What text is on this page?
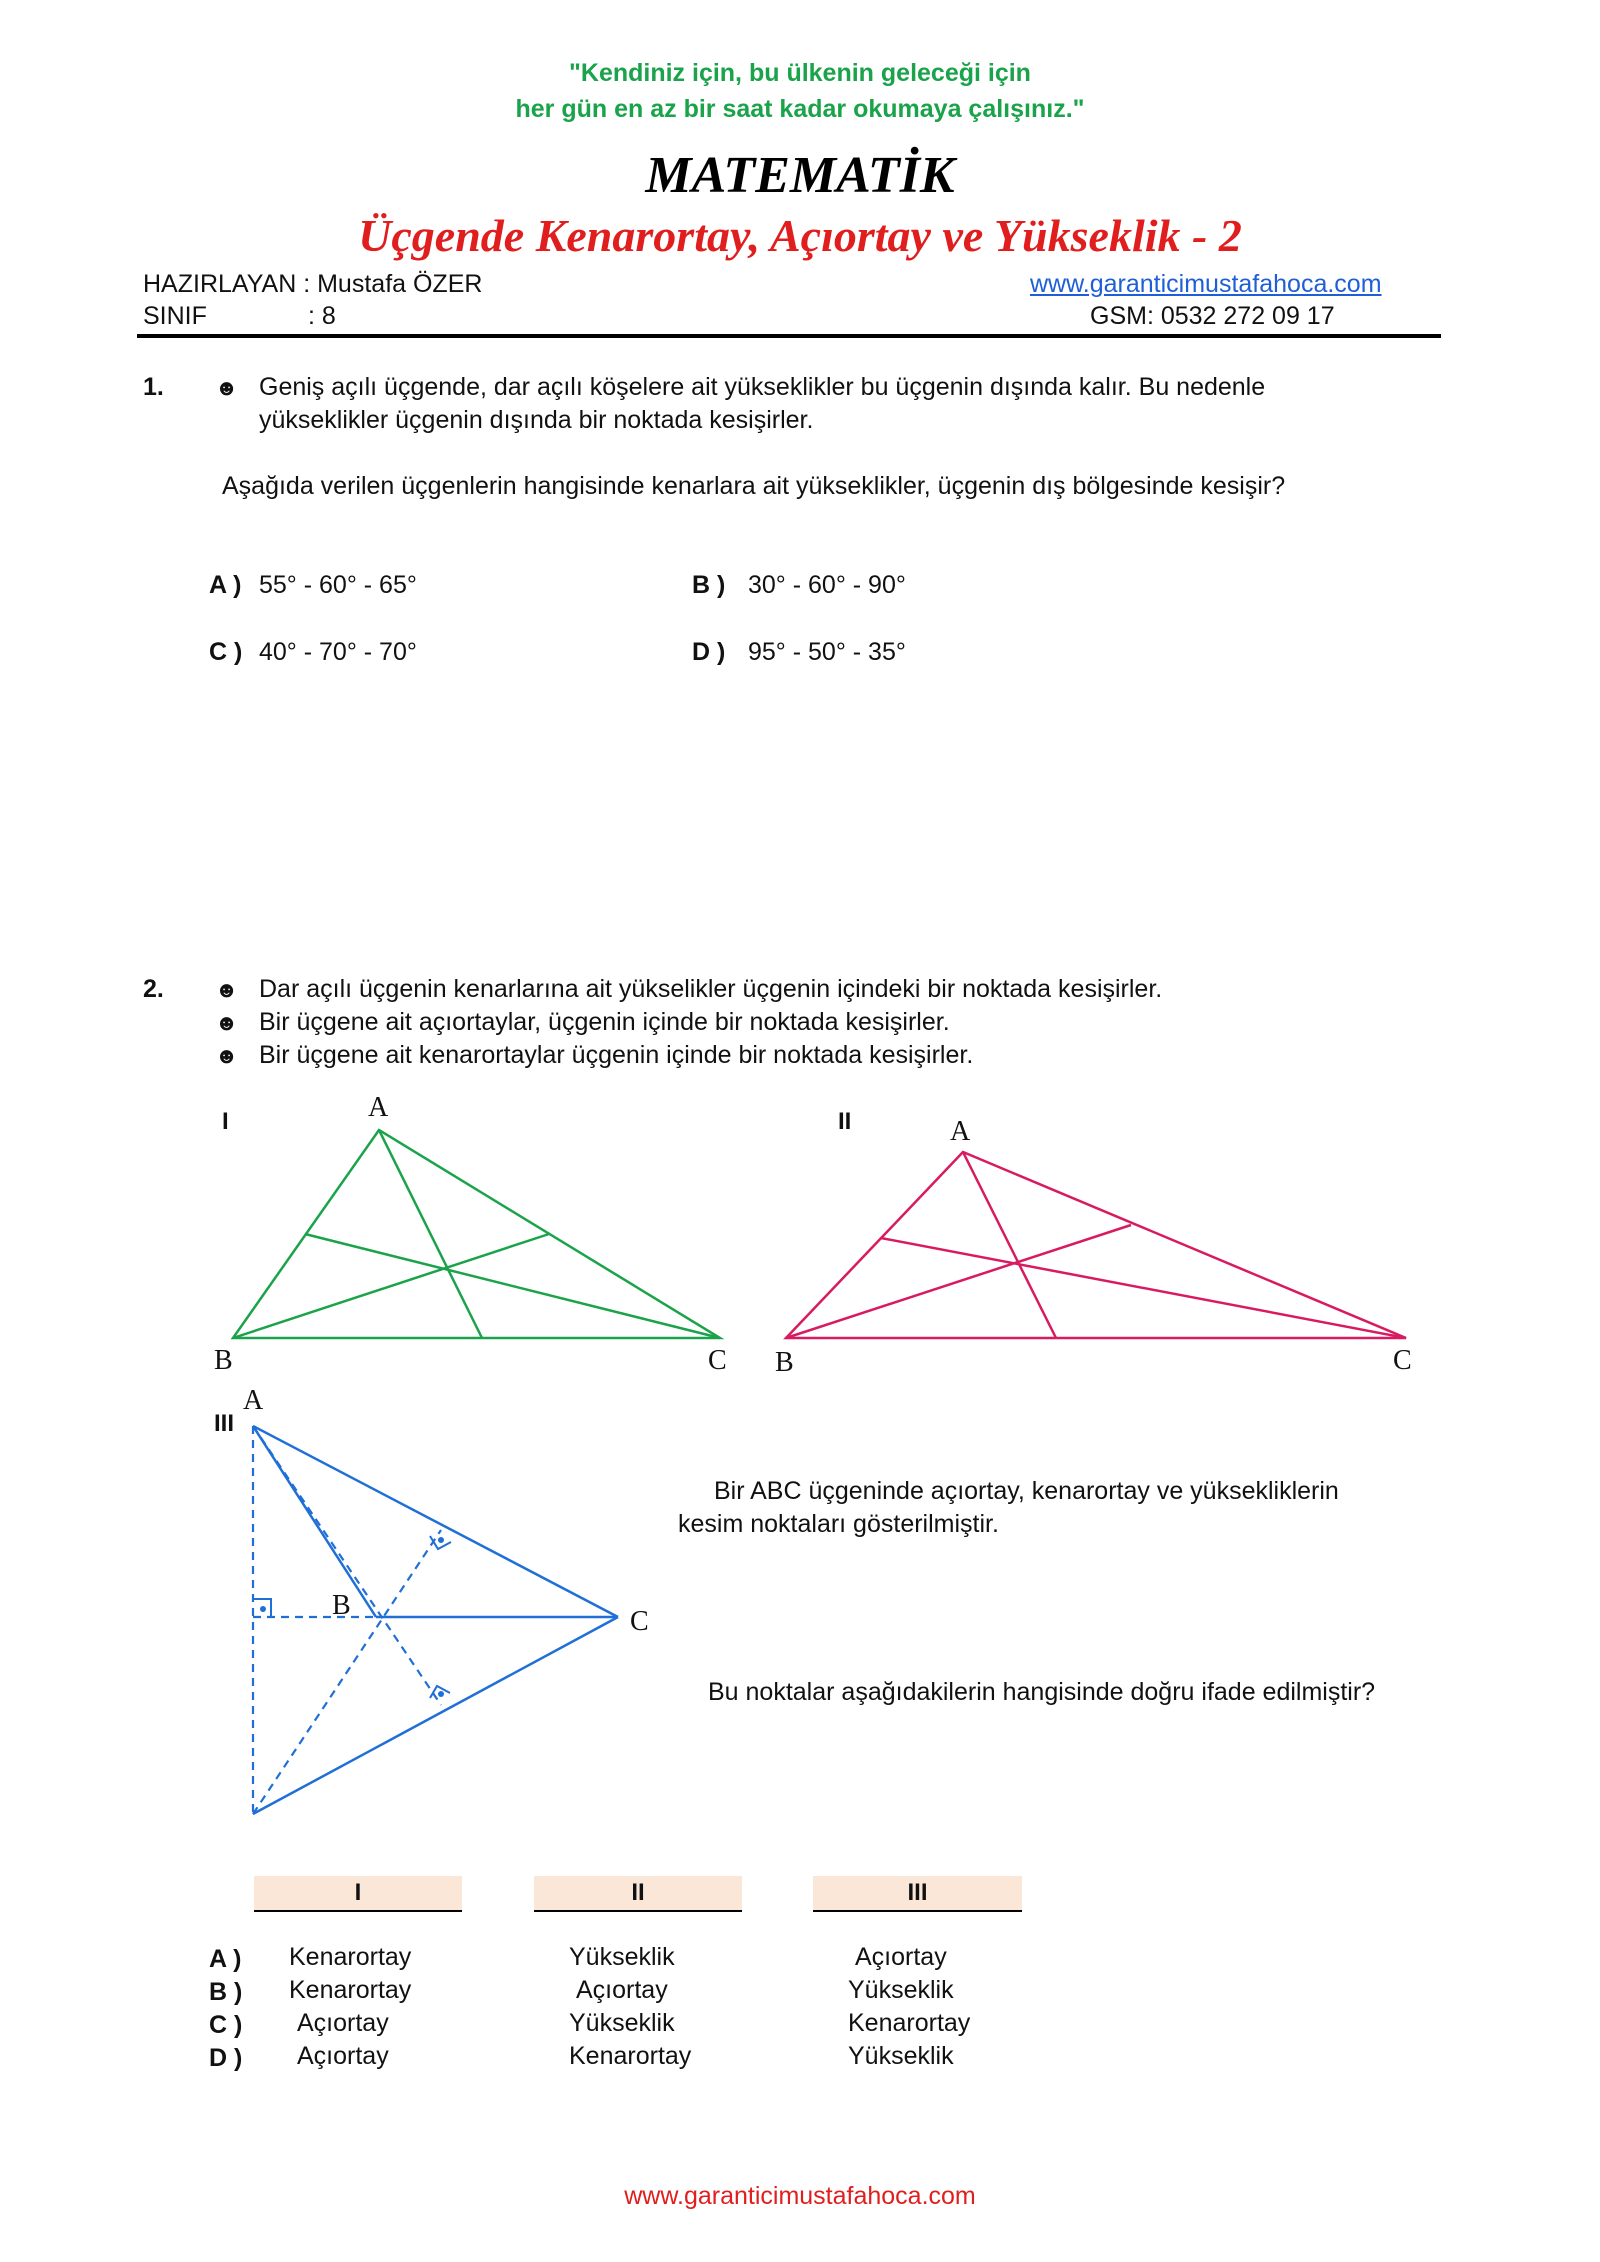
"Kendiniz için, bu ülkenin geleceği için
her gün en az bir saat kadar okumaya çalışınız."
MATEMATİK
Üçgende Kenarortay, Açıortay ve Yükseklik - 2
HAZIRLAYAN : Mustafa ÖZER
SINIF	: 8
www.garanticimustafahoca.com
GSM: 0532 272 09 17
1. ☻ Geniş açılı üçgende, dar açılı köşelere ait yükseklikler bu üçgenin dışında kalır. Bu nedenle
yükseklikler üçgenin dışında bir noktada kesişirler.
Aşağıda verilen üçgenlerin hangisinde kenarlara ait yükseklikler, üçgenin dış bölgesinde kesişir?
A ) 55° - 60° - 65°	B ) 30° - 60° - 90°
C ) 40° - 70° - 70°	D ) 95° - 50° - 35°
2. ☻ Dar açılı üçgenin kenarlarına ait yükselikler üçgenin içindeki bir noktada kesişirler.
☻ Bir üçgene ait açıortaylar, üçgenin içinde bir noktada kesişirler.
☻ Bir üçgene ait kenarortaylar üçgenin içinde bir noktada kesişirler.
I	A
B	C
II	A
B	C
A
III
B
C
Bir ABC üçgeninde açıortay, kenarortay ve yüksekliklerin
kesim noktaları gösterilmiştir.
Bu noktalar aşağıdakilerin hangisinde doğru ifade edilmiştir?
I	II	III
A ) Kenarortay	Yükseklik	Açıortay
B ) Kenarortay	Açıortay	Yükseklik
C ) Açıortay	Yükseklik	Kenarortay
D ) Açıortay	Kenarortay	Yükseklik
www.garanticimustafahoca.com
